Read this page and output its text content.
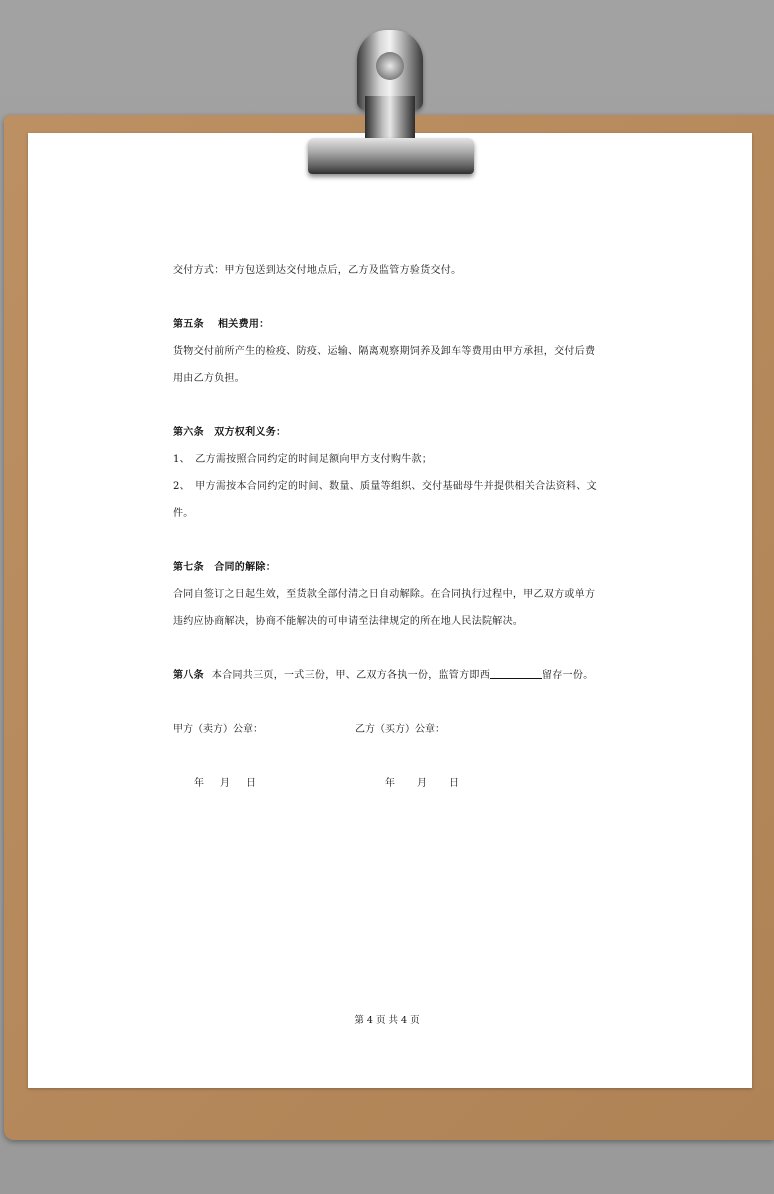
交付方式：甲方包送到达交付地点后，乙方及监管方验货交付。
第五条　 相关费用：
货物交付前所产生的检疫、防疫、运输、隔离观察期饲养及卸车等费用由甲方承担，交付后费
用由乙方负担。
第六条　双方权利义务：
1、　乙方需按照合同约定的时间足额向甲方支付购牛款；
2、　甲方需按本合同约定的时间、数量、质量等组织、交付基础母牛并提供相关合法资料、文
件。
第七条　合同的解除：
合同自签订之日起生效，至货款全部付清之日自动解除。在合同执行过程中，甲乙双方或单方
违约应协商解决，协商不能解决的可申请至法律规定的所在地人民法院解决。
第八条 本合同共三页，一式三份，甲、乙双方各执一份，监管方即西	留存一份。
甲方（卖方）公章：	乙方（买方）公章：
年 月 日	年 月 日
第 4 页 共 4 页
